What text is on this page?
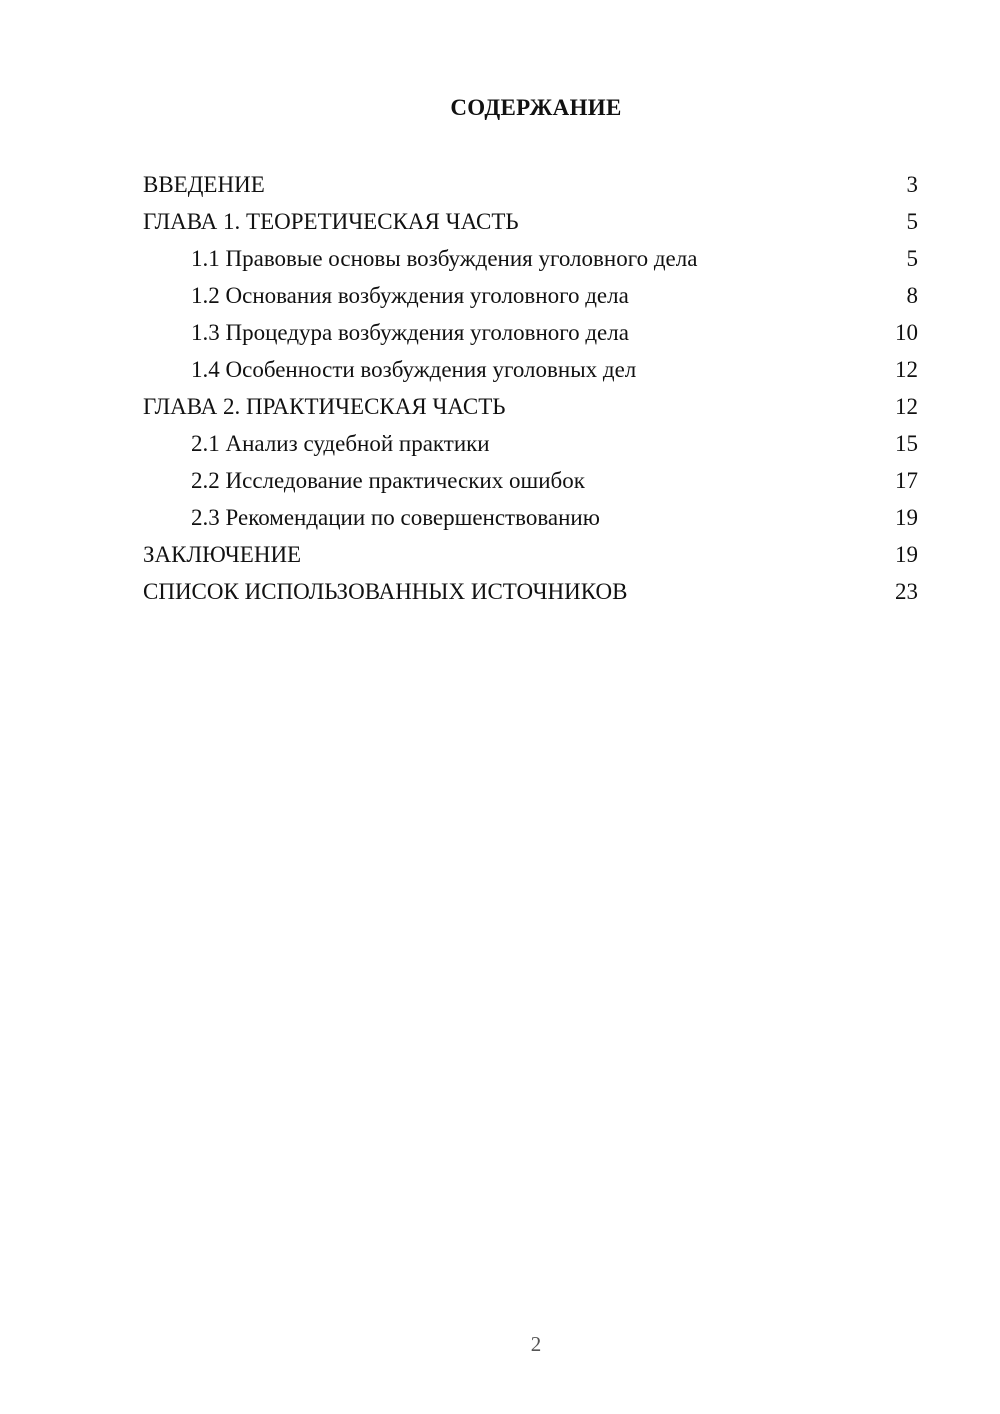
СОДЕРЖАНИЕ
ВВЕДЕНИЕ	3
ГЛАВА 1. ТЕОРЕТИЧЕСКАЯ ЧАСТЬ	5
1.1 Правовые основы возбуждения уголовного дела	5
1.2 Основания возбуждения уголовного дела	8
1.3 Процедура возбуждения уголовного дела	10
1.4 Особенности возбуждения уголовных дел	12
ГЛАВА 2. ПРАКТИЧЕСКАЯ ЧАСТЬ	12
2.1 Анализ судебной практики	15
2.2 Исследование практических ошибок	17
2.3 Рекомендации по совершенствованию	19
ЗАКЛЮЧЕНИЕ	19
СПИСОК ИСПОЛЬЗОВАННЫХ ИСТОЧНИКОВ	23
2
